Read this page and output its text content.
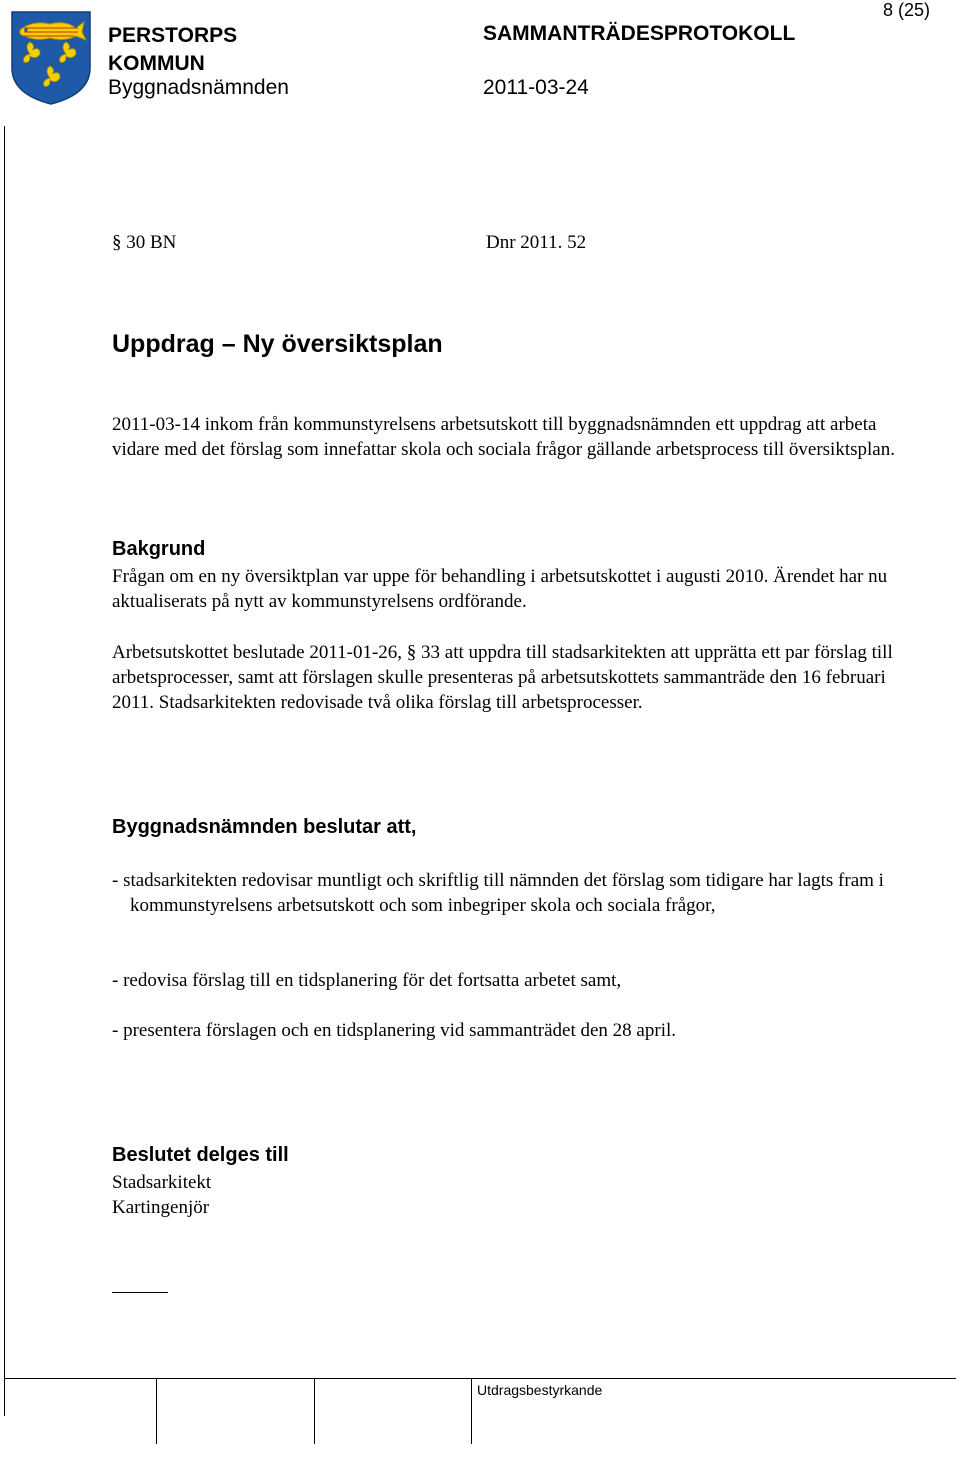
8 (25)
PERSTORPS
KOMMUN
Byggnadsnämnden
SAMMANTRÄDESPROTOKOLL
2011-03-24
§ 30 BN	Dnr 2011. 52
Uppdrag – Ny översiktsplan

2011-03-14 inkom från kommunstyrelsens arbetsutskott till byggnadsnämnden ett uppdrag att arbeta vidare med det förslag som innefattar skola och sociala frågor gällande arbetsprocess till översiktsplan.

Bakgrund

Frågan om en ny översiktplan var uppe för behandling i arbetsutskottet i augusti 2010. Ärendet har nu aktualiserats på nytt av kommunstyrelsens ordförande.

Arbetsutskottet beslutade 2011-01-26, § 33 att uppdra till stadsarkitekten att upprätta ett par förslag till arbetsprocesser, samt att förslagen skulle presenteras på arbetsutskottets sammanträde den 16 februari 2011. Stadsarkitekten redovisade två olika förslag till arbetsprocesser.

Byggnadsnämnden beslutar att,

- stadsarkitekten redovisar muntligt och skriftlig till nämnden det förslag som tidigare har lagts fram i kommunstyrelsens arbetsutskott och som inbegriper skola och sociala frågor,

- redovisa förslag till en tidsplanering för det fortsatta arbetet samt,

- presentera förslagen och en tidsplanering vid sammanträdet den 28 april.

Beslutet delges till
Stadsarkitekt
Kartingenjör
Utdragsbestyrkande
